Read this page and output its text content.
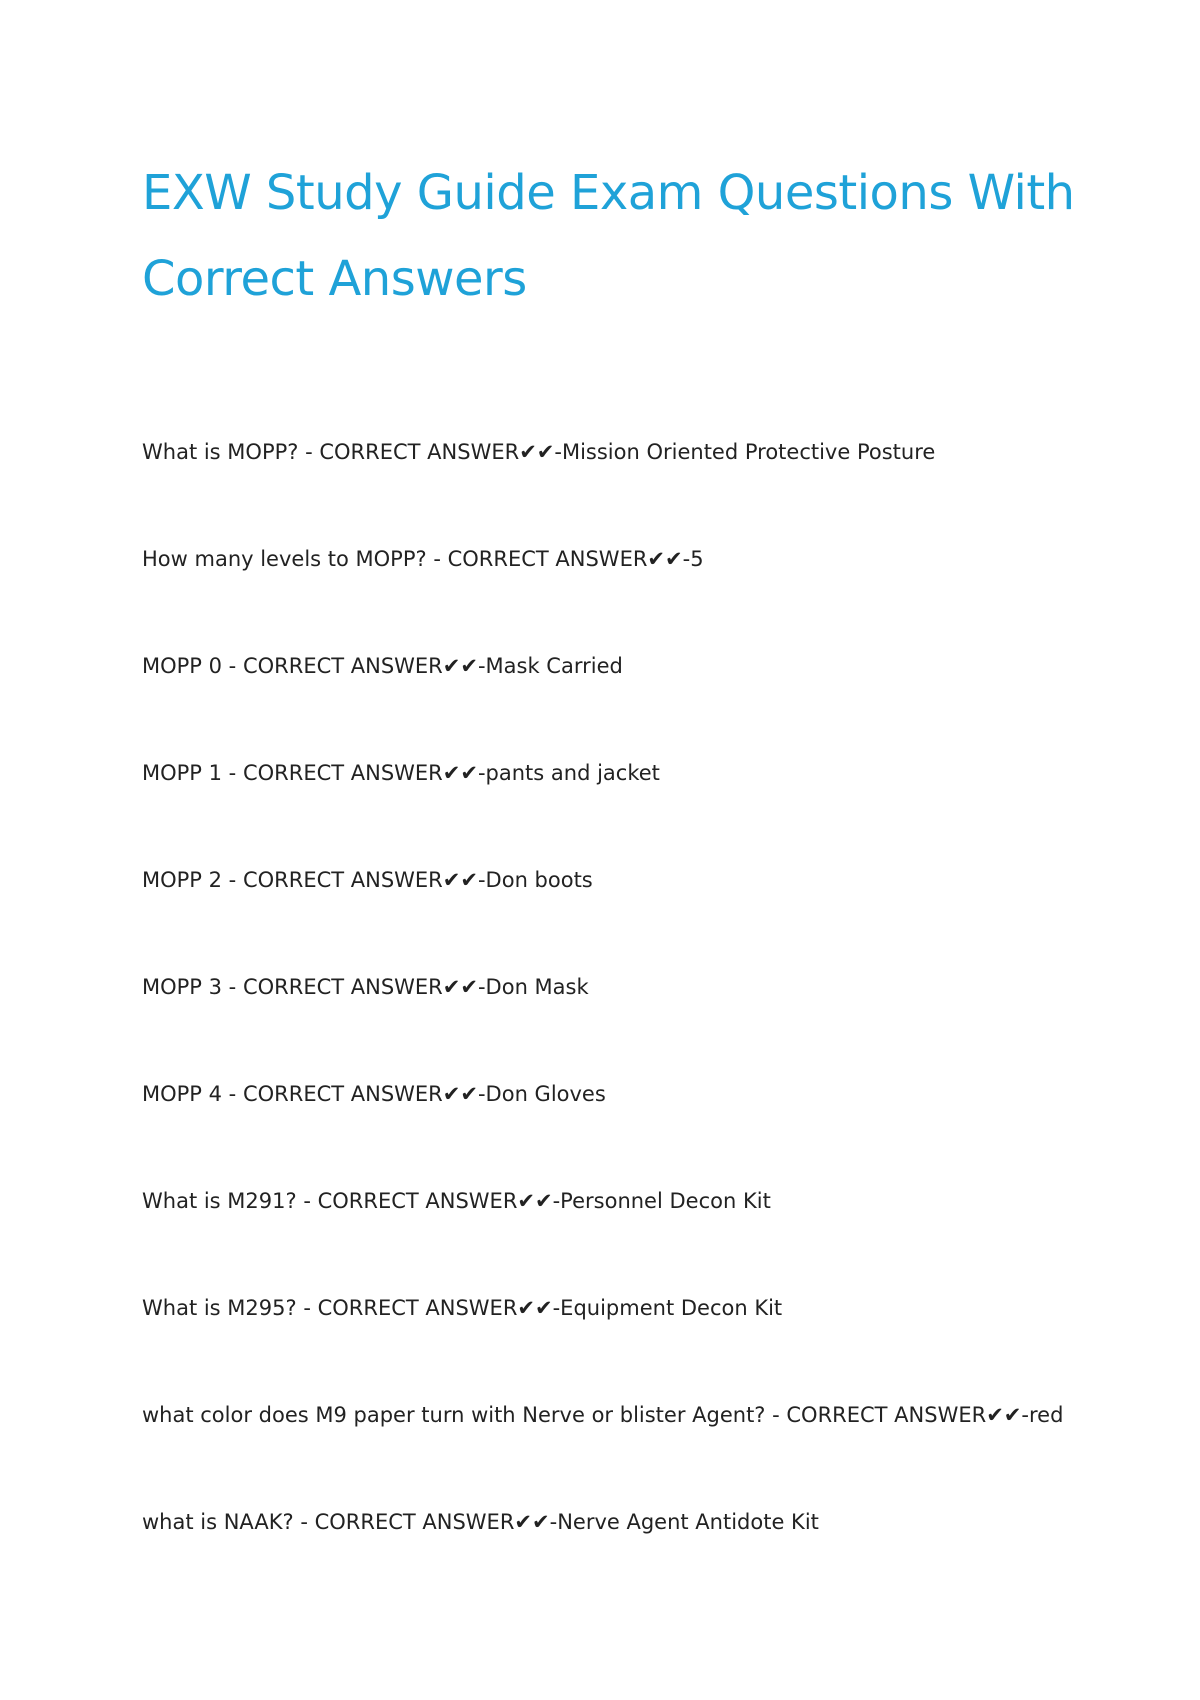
EXW Study Guide Exam Questions With Correct Answers
What is MOPP? - CORRECT ANSWER✔✔-Mission Oriented Protective Posture
How many levels to MOPP? - CORRECT ANSWER✔✔-5
MOPP 0 - CORRECT ANSWER✔✔-Mask Carried
MOPP 1 - CORRECT ANSWER✔✔-pants and jacket
MOPP 2 - CORRECT ANSWER✔✔-Don boots
MOPP 3 - CORRECT ANSWER✔✔-Don Mask
MOPP 4 - CORRECT ANSWER✔✔-Don Gloves
What is M291? - CORRECT ANSWER✔✔-Personnel Decon Kit
What is M295? - CORRECT ANSWER✔✔-Equipment Decon Kit
what color does M9 paper turn with Nerve or blister Agent? - CORRECT ANSWER✔✔-red
what is NAAK? - CORRECT ANSWER✔✔-Nerve Agent Antidote Kit
